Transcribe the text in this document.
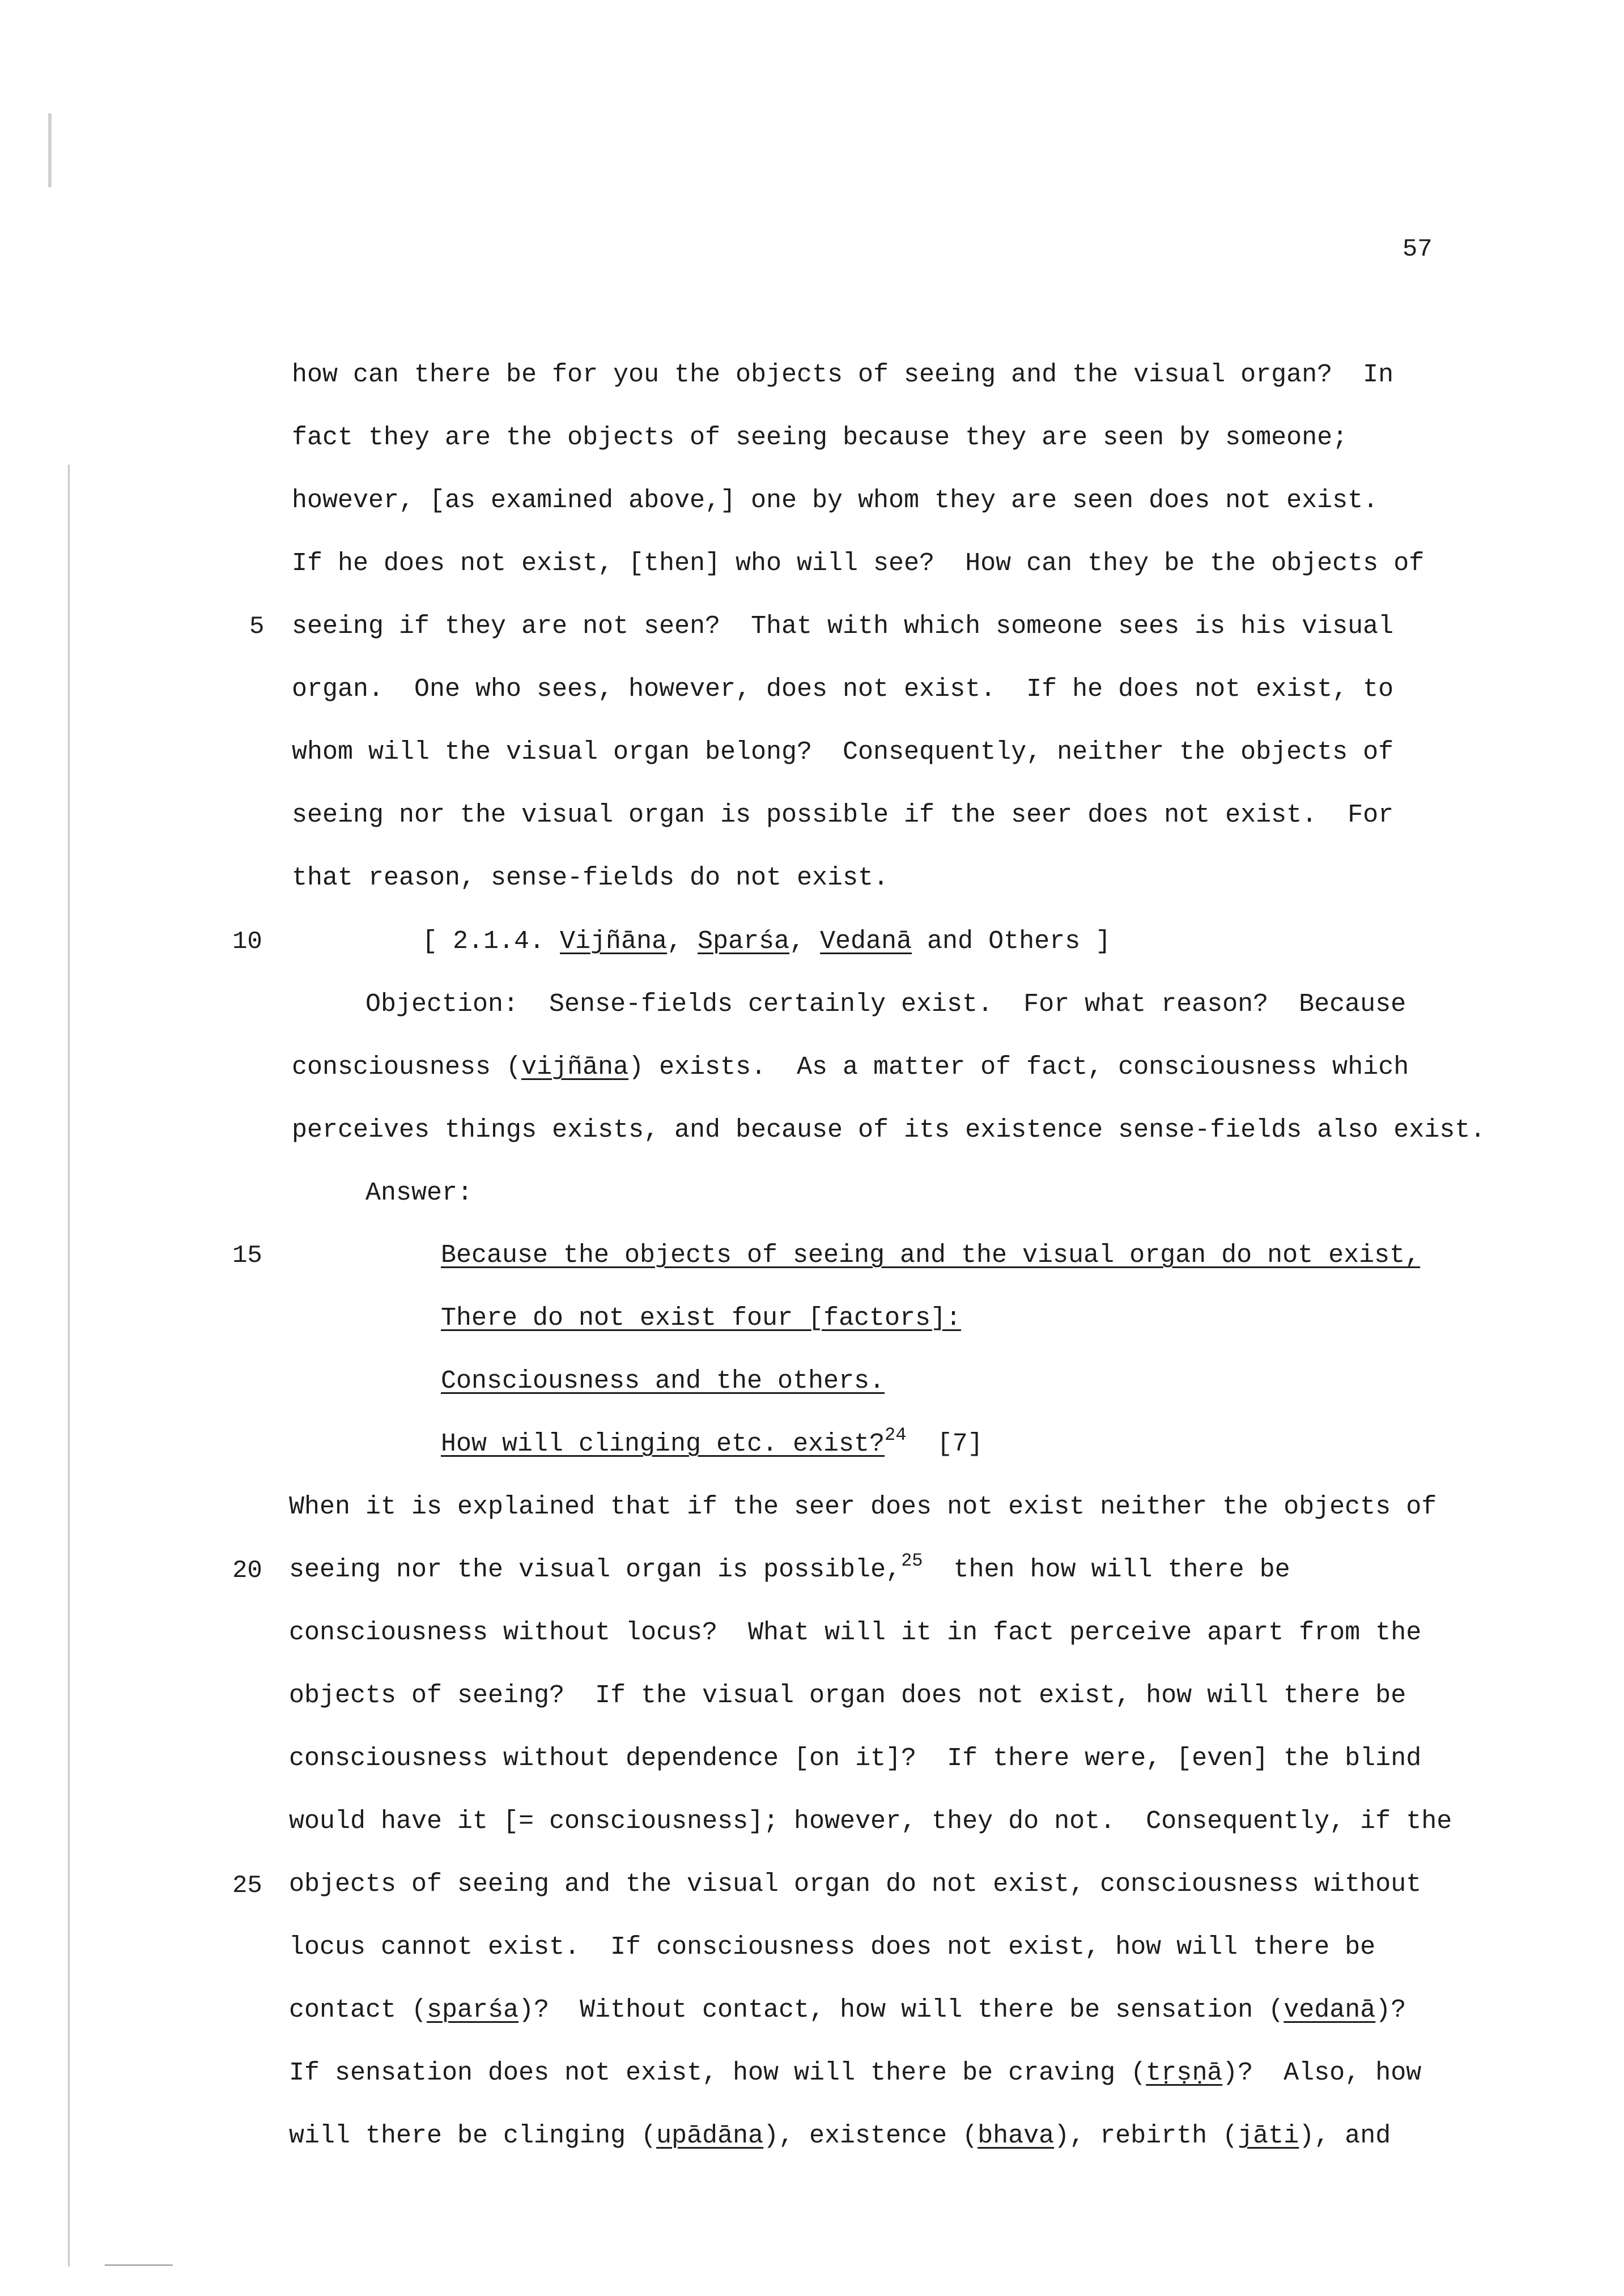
57
5
10
15
20
25
how can there be for you the objects of seeing and the visual organ?  In
fact they are the objects of seeing because they are seen by someone;
however, [as examined above,] one by whom they are seen does not exist.
If he does not exist, [then] who will see?  How can they be the objects of
seeing if they are not seen?  That with which someone sees is his visual
organ.  One who sees, however, does not exist.  If he does not exist, to
whom will the visual organ belong?  Consequently, neither the objects of
seeing nor the visual organ is possible if the seer does not exist.  For
that reason, sense-fields do not exist.
[ 2.1.4. Vijñāna, Sparśa, Vedanā and Others ]
Objection:  Sense-fields certainly exist.  For what reason?  Because
consciousness (vijñāna) exists.  As a matter of fact, consciousness which
perceives things exists, and because of its existence sense-fields also exist.
Answer:
Because the objects of seeing and the visual organ do not exist,
There do not exist four [factors]:
Consciousness and the others.
How will clinging etc. exist?$^{24}$ [7]
When it is explained that if the seer does not exist neither the objects of
seeing nor the visual organ is possible,$^{25}$  then how will there be
consciousness without locus?  What will it in fact perceive apart from the
objects of seeing?  If the visual organ does not exist, how will there be
consciousness without dependence [on it]?  If there were, [even] the blind
would have it [= consciousness]; however, they do not.  Consequently, if the
objects of seeing and the visual organ do not exist, consciousness without
locus cannot exist.  If consciousness does not exist, how will there be
contact (sparśa)?  Without contact, how will there be sensation (vedanā)?
If sensation does not exist, how will there be craving (tṛṣṇā)?  Also, how
will there be clinging (upādāna), existence (bhava), rebirth (jāti), and
